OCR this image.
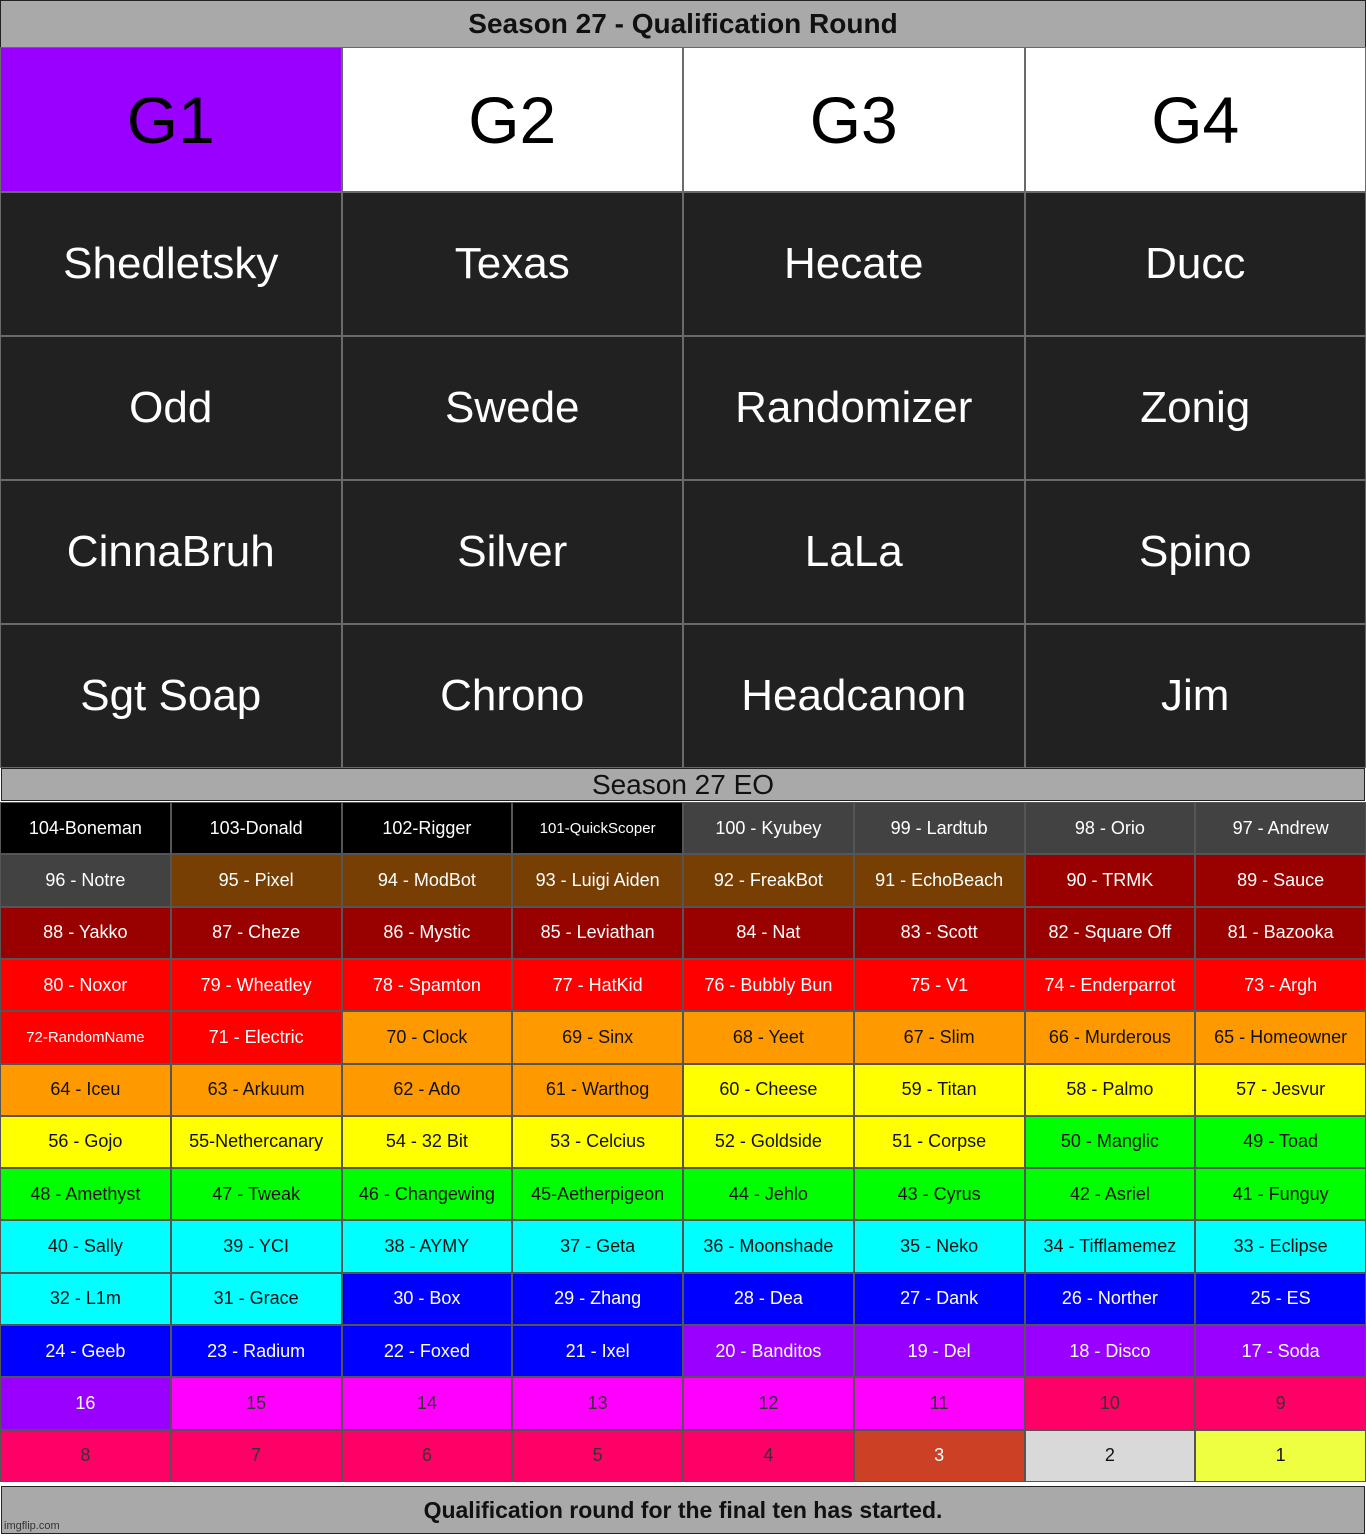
Season 27 - Qualification Round
G1	G2	G3	G4
Shedletsky	Texas	Hecate	Ducc
Odd	Swede	Randomizer	Zonig
CinnaBruh	Silver	LaLa	Spino
Sgt Soap	Chrono	Headcanon	Jim
Season 27 EO
104-Boneman	103-Donald	102-Rigger	101-QuickScoper	100 - Kyubey	99 - Lardtub	98 - Orio	97 - Andrew
96 - Notre	95 - Pixel	94 - ModBot	93 - Luigi Aiden	92 - FreakBot	91 - EchoBeach	90 - TRMK	89 - Sauce
88 - Yakko	87 - Cheze	86 - Mystic	85 - Leviathan	84 - Nat	83 - Scott	82 - Square Off	81 - Bazooka
80 - Noxor	79 - Wheatley	78 - Spamton	77 - HatKid	76 - Bubbly Bun	75 - V1	74 - Enderparrot	73 - Argh
72-RandomName	71 - Electric	70 - Clock	69 - Sinx	68 - Yeet	67 - Slim	66 - Murderous	65 - Homeowner
64 - Iceu	63 - Arkuum	62 - Ado	61 - Warthog	60 - Cheese	59 - Titan	58 - Palmo	57 - Jesvur
56 - Gojo	55-Nethercanary	54 - 32 Bit	53 - Celcius	52 - Goldside	51 - Corpse	50 - Manglic	49 - Toad
48 - Amethyst	47 - Tweak	46 - Changewing	45-Aetherpigeon	44 - Jehlo	43 - Cyrus	42 - Asriel	41 - Funguy
40 - Sally	39 - YCI	38 - AYMY	37 - Geta	36 - Moonshade	35 - Neko	34 - Tifflamemez	33 - Eclipse
32 - L1m	31 - Grace	30 - Box	29 - Zhang	28 - Dea	27 - Dank	26 - Norther	25 - ES
24 - Geeb	23 - Radium	22 - Foxed	21 - Ixel	20 - Banditos	19 - Del	18 - Disco	17 - Soda
16	15	14	13	12	11	10	9
8	7	6	5	4	3	2	1
Qualification round for the final ten has started.
imgflip.com
